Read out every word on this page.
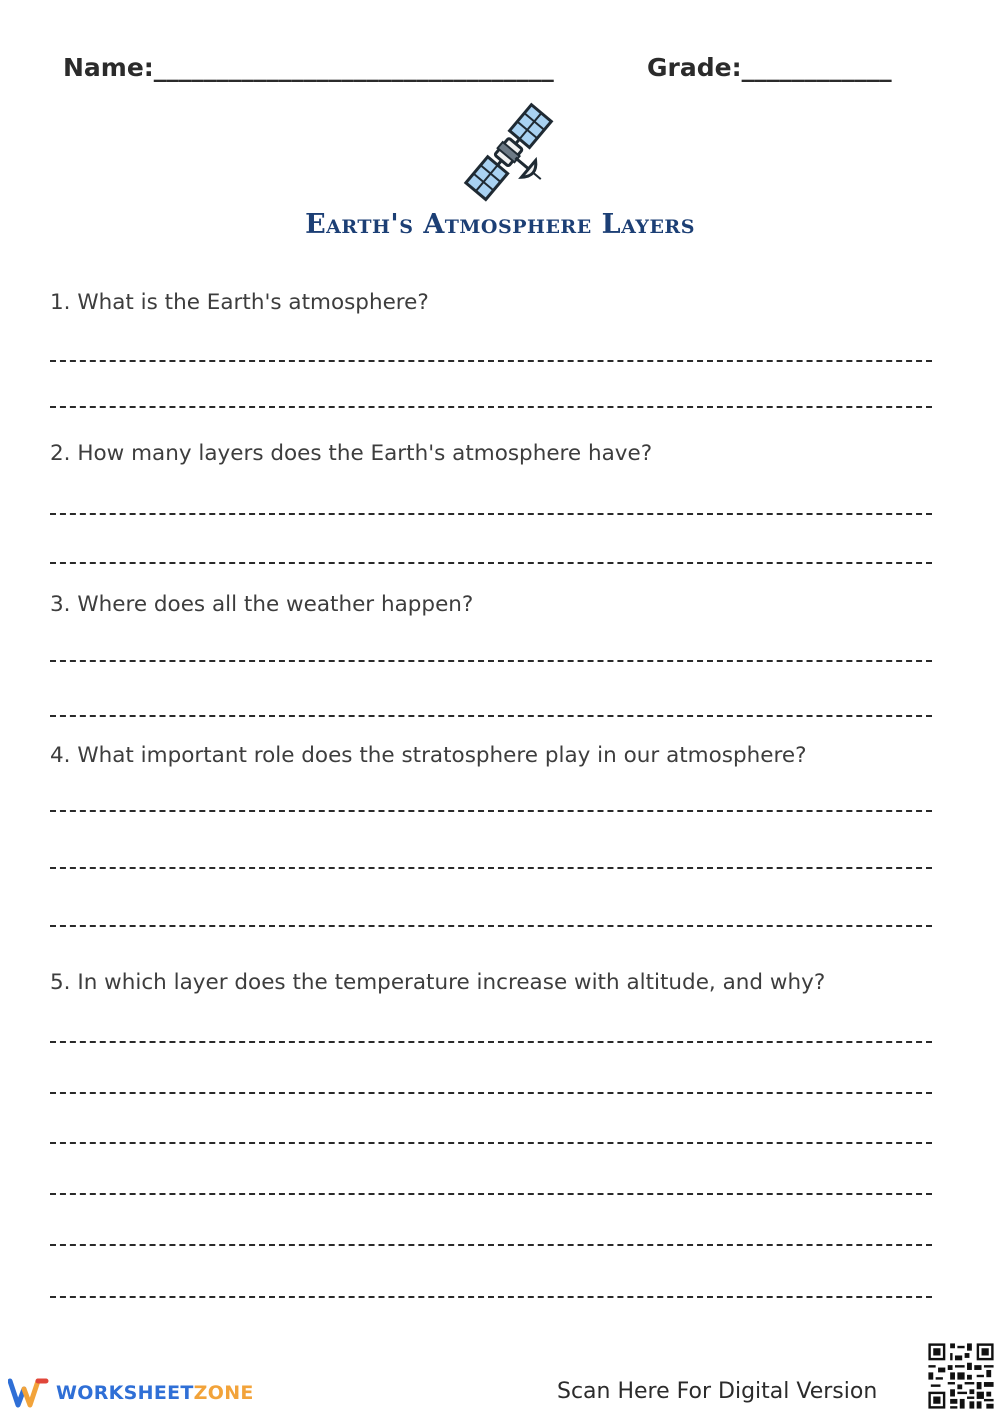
Name:________________________________	Grade:____________
Earth's Atmosphere Layers
1. What is the Earth's atmosphere?
2. How many layers does the Earth's atmosphere have?
3. Where does all the weather happen?
4. What important role does the stratosphere play in our atmosphere?
5. In which layer does the temperature increase with altitude, and why?
WORKSHEETZONE	Scan Here For Digital Version
